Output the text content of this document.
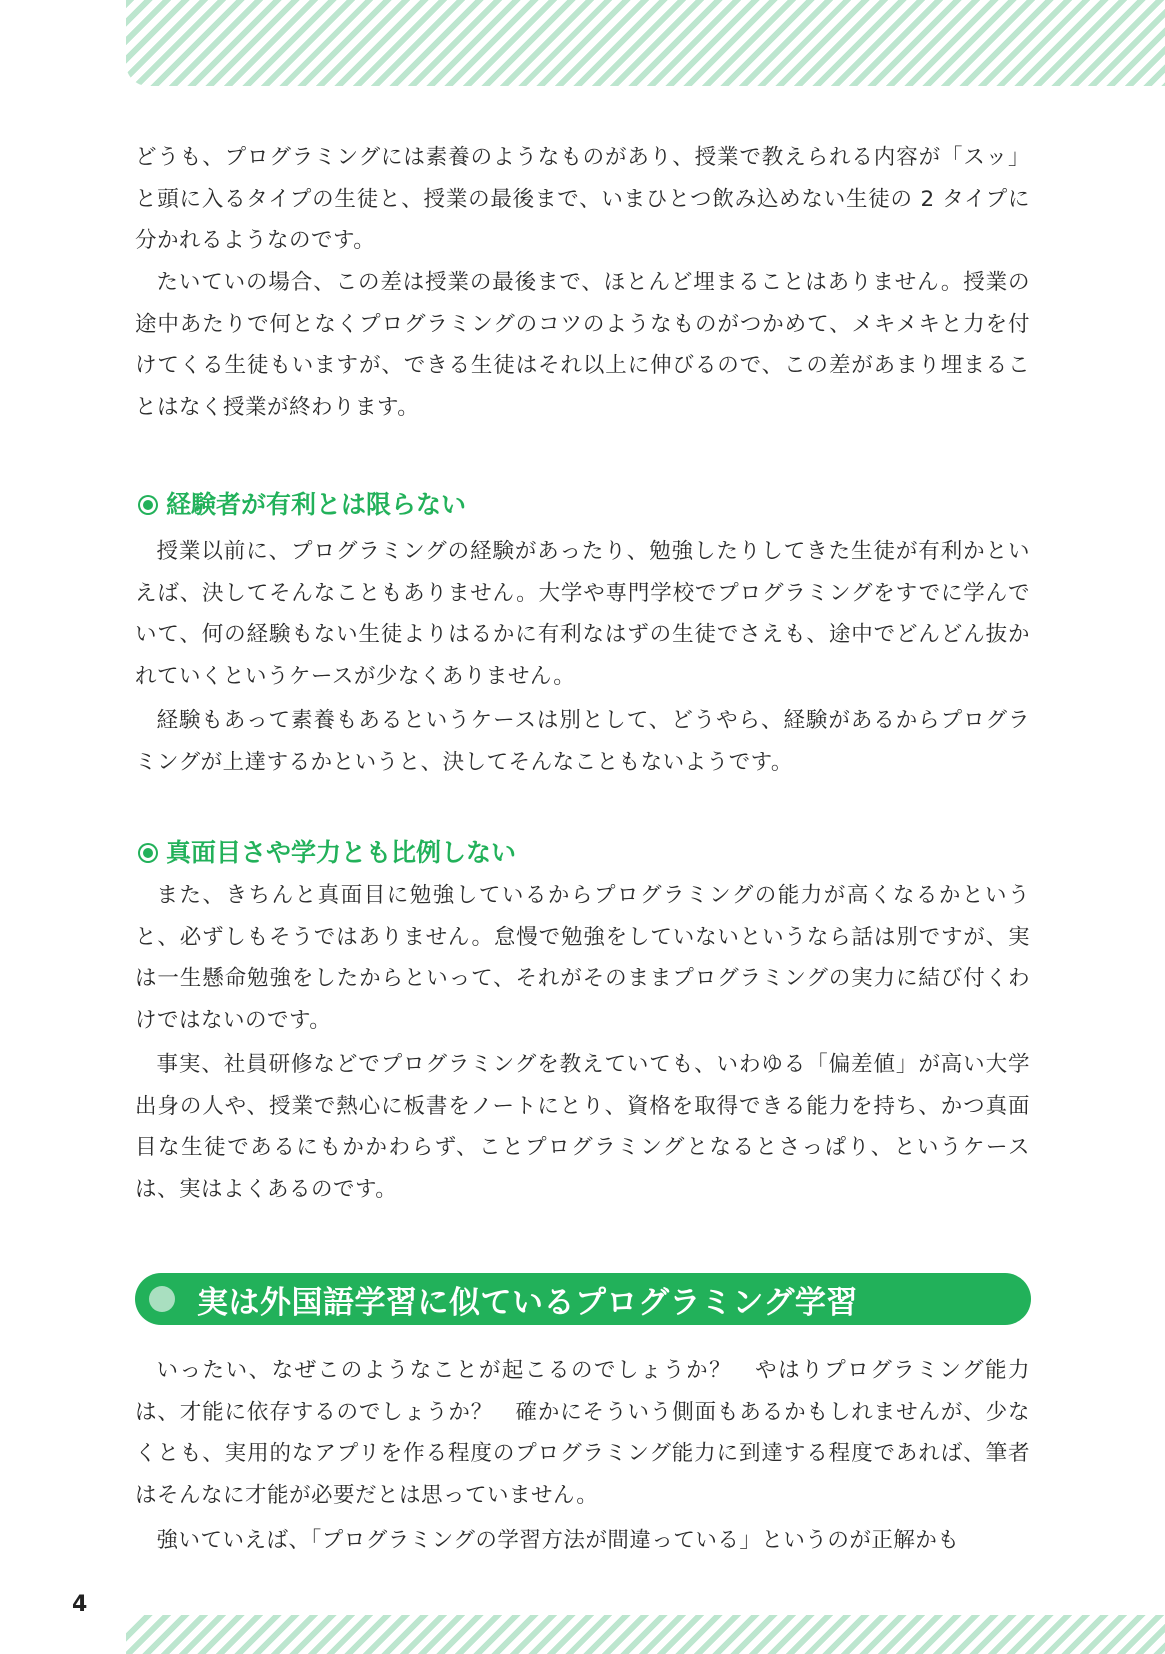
どうも、プログラミングには素養のようなものがあり、授業で教えられる内容が「スッ」と頭に入るタイプの生徒と、授業の最後まで、いまひとつ飲み込めない生徒の 2 タイプに分かれるようなのです。

たいていの場合、この差は授業の最後まで、ほとんど埋まることはありません。授業の途中あたりで何となくプログラミングのコツのようなものがつかめて、メキメキと力を付けてくる生徒もいますが、できる生徒はそれ以上に伸びるので、この差があまり埋まることはなく授業が終わります。

経験者が有利とは限らない

授業以前に、プログラミングの経験があったり、勉強したりしてきた生徒が有利かといえば、決してそんなこともありません。大学や専門学校でプログラミングをすでに学んでいて、何の経験もない生徒よりはるかに有利なはずの生徒でさえも、途中でどんどん抜かれていくというケースが少なくありません。

経験もあって素養もあるというケースは別として、どうやら、経験があるからプログラミングが上達するかというと、決してそんなこともないようです。

真面目さや学力とも比例しない

また、きちんと真面目に勉強しているからプログラミングの能力が高くなるかというと、必ずしもそうではありません。怠慢で勉強をしていないというなら話は別ですが、実は一生懸命勉強をしたからといって、それがそのままプログラミングの実力に結び付くわけではないのです。

事実、社員研修などでプログラミングを教えていても、いわゆる「偏差値」が高い大学出身の人や、授業で熱心に板書をノートにとり、資格を取得できる能力を持ち、かつ真面目な生徒であるにもかかわらず、ことプログラミングとなるとさっぱり、というケースは、実はよくあるのです。

実は外国語学習に似ているプログラミング学習

いったい、なぜこのようなことが起こるのでしょうか？　やはりプログラミング能力は、才能に依存するのでしょうか？　確かにそういう側面もあるかもしれませんが、少なくとも、実用的なアプリを作る程度のプログラミング能力に到達する程度であれば、筆者はそんなに才能が必要だとは思っていません。

強いていえば、「プログラミングの学習方法が間違っている」というのが正解かも

4
